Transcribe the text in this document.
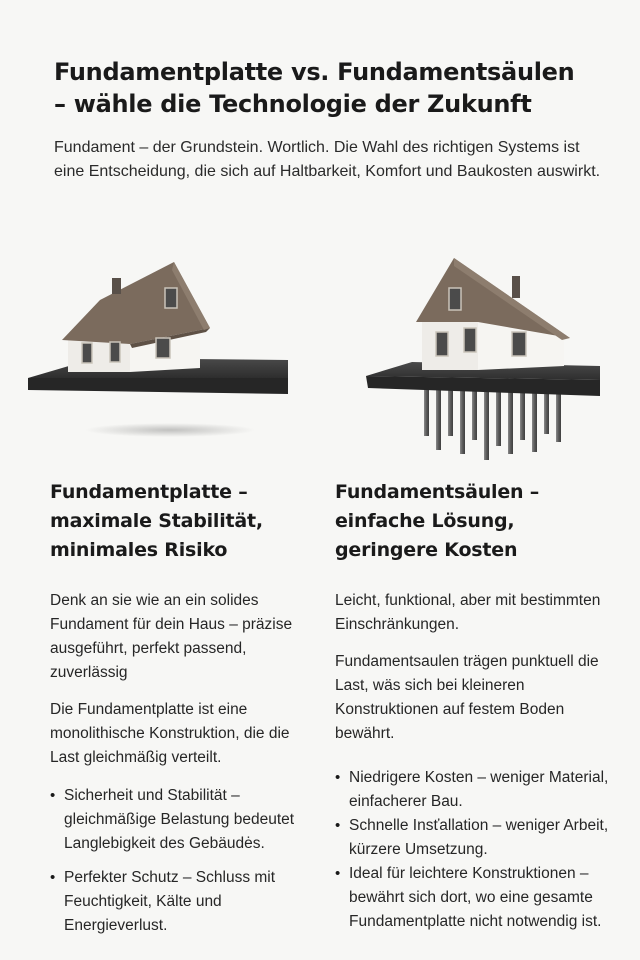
Fundamentplatte vs. Fundamentsäulen
– wähle die Technologie der Zukunft

Fundament – der Grundstein. Wortlich. Die Wahl des richtigen Systems ist eine Entscheidung, die sich auf Haltbarkeit, Komfort und Baukosten auswirkt.

Fundamentplatte –
maximale Stabilität,
minimales Risiko

Denk an sie wie an ein solides Fundament für dein Haus – präzise ausgeführt, perfekt passend, zuverlässig

Die Fundamentplatte ist eine monolithische Konstruktion, die die Last gleichmäßig verteilt.

• Sicherheit und Stabilität – gleichmäßige Belastung bedeutet Langlebigkeit des Gebäudės.
• Perfekter Schutz – Schluss mit Feuchtigkeit, Kälte und Energieverlust.
Fundamentsäulen –
einfache Lösung,
geringere Kosten

Leicht, funktional, aber mit bestimmten Einschränkungen.

Fundamentsaulen trägen punktuell die Last, wäs sich bei kleineren Konstruktionen auf festem Boden bewährt.

• Niedrigere Kosten – weniger Material, einfacherer Bau.
• Schnelle Insťallation – weniger Arbeit, kürzere Umsetzung.
• Ideal für leichtere Konstruktionen – bewährt sich dort, wo eine gesamte Fundamentplatte nicht notwendig ist.
